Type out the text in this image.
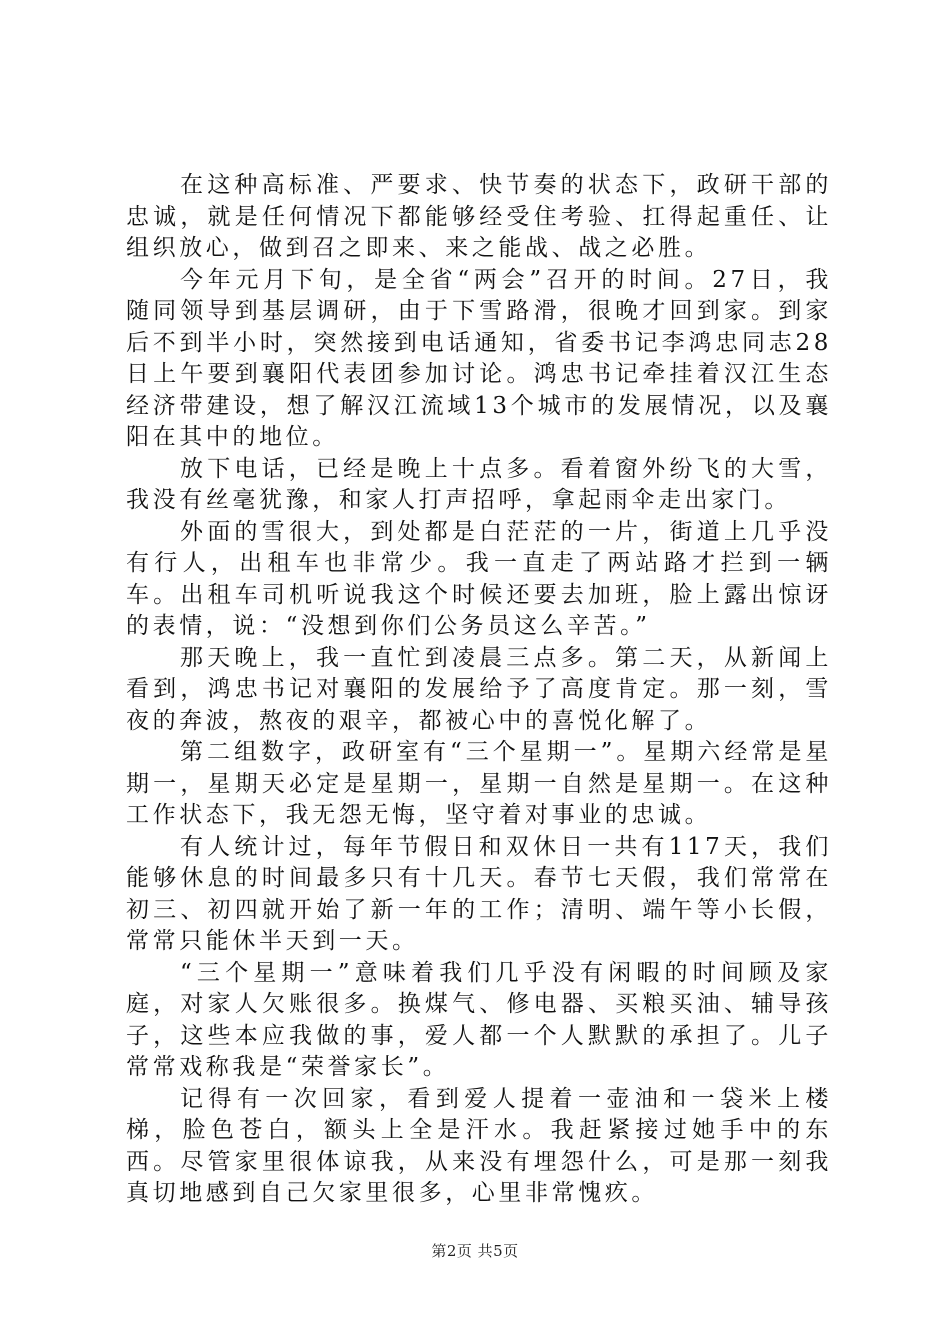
在这种高标准、严要求、快节奏的状态下，政研干部的忠诚，就是任何情况下都能够经受住考验、扛得起重任、让组织放心，做到召之即来、来之能战、战之必胜。

今年元月下旬，是全省“两会”召开的时间。27日，我随同领导到基层调研，由于下雪路滑，很晚才回到家。到家后不到半小时，突然接到电话通知，省委书记李鸿忠同志28日上午要到襄阳代表团参加讨论。鸿忠书记牵挂着汉江生态经济带建设，想了解汉江流域13个城市的发展情况，以及襄阳在其中的地位。

放下电话，已经是晚上十点多。看着窗外纷飞的大雪，我没有丝毫犹豫，和家人打声招呼，拿起雨伞走出家门。

外面的雪很大，到处都是白茫茫的一片，街道上几乎没有行人，出租车也非常少。我一直走了两站路才拦到一辆车。出租车司机听说我这个时候还要去加班，脸上露出惊讶的表情，说：“没想到你们公务员这么辛苦。”

那天晚上，我一直忙到凌晨三点多。第二天，从新闻上看到，鸿忠书记对襄阳的发展给予了高度肯定。那一刻，雪夜的奔波，熬夜的艰辛，都被心中的喜悦化解了。

第二组数字，政研室有“三个星期一”。星期六经常是星期一，星期天必定是星期一，星期一自然是星期一。在这种工作状态下，我无怨无悔，坚守着对事业的忠诚。

有人统计过，每年节假日和双休日一共有117天，我们能够休息的时间最多只有十几天。春节七天假，我们常常在初三、初四就开始了新一年的工作；清明、端午等小长假，常常只能休半天到一天。

“三个星期一”意味着我们几乎没有闲暇的时间顾及家庭，对家人欠账很多。换煤气、修电器、买粮买油、辅导孩子，这些本应我做的事，爱人都一个人默默的承担了。儿子常常戏称我是“荣誉家长”。

记得有一次回家，看到爱人提着一壶油和一袋米上楼梯，脸色苍白，额头上全是汗水。我赶紧接过她手中的东西。尽管家里很体谅我，从来没有埋怨什么，可是那一刻我真切地感到自己欠家里很多，心里非常愧疚。

第2页 共5页
